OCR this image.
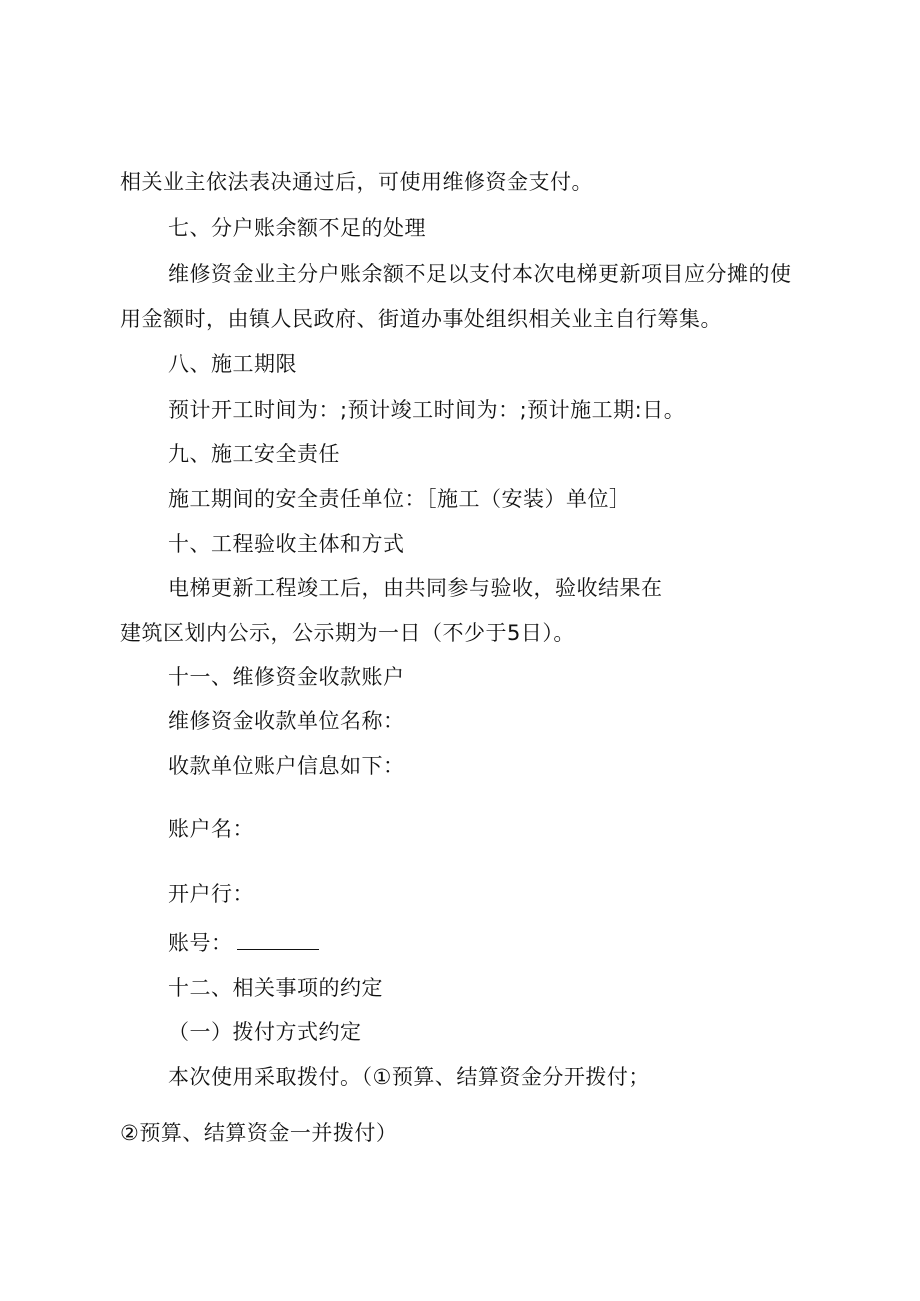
相关业主依法表决通过后，可使用维修资金支付。
七、分户账余额不足的处理
维修资金业主分户账余额不足以支付本次电梯更新项目应分摊的使
用金额时，由镇人民政府、街道办事处组织相关业主自行筹集。
八、施工期限
预计开工时间为：;预计竣工时间为：;预计施工期:日。
九、施工安全责任
施工期间的安全责任单位：［施工（安装）单位］
十、工程验收主体和方式
电梯更新工程竣工后，由共同参与验收，验收结果在
建筑区划内公示，公示期为一日（不少于5日）。
十一、维修资金收款账户
维修资金收款单位名称：
收款单位账户信息如下：
账户名：
开户行：
账号：
十二、相关事项的约定
（一）拨付方式约定
本次使用采取拨付。（①预算、结算资金分开拨付；
②预算、结算资金一并拨付）
